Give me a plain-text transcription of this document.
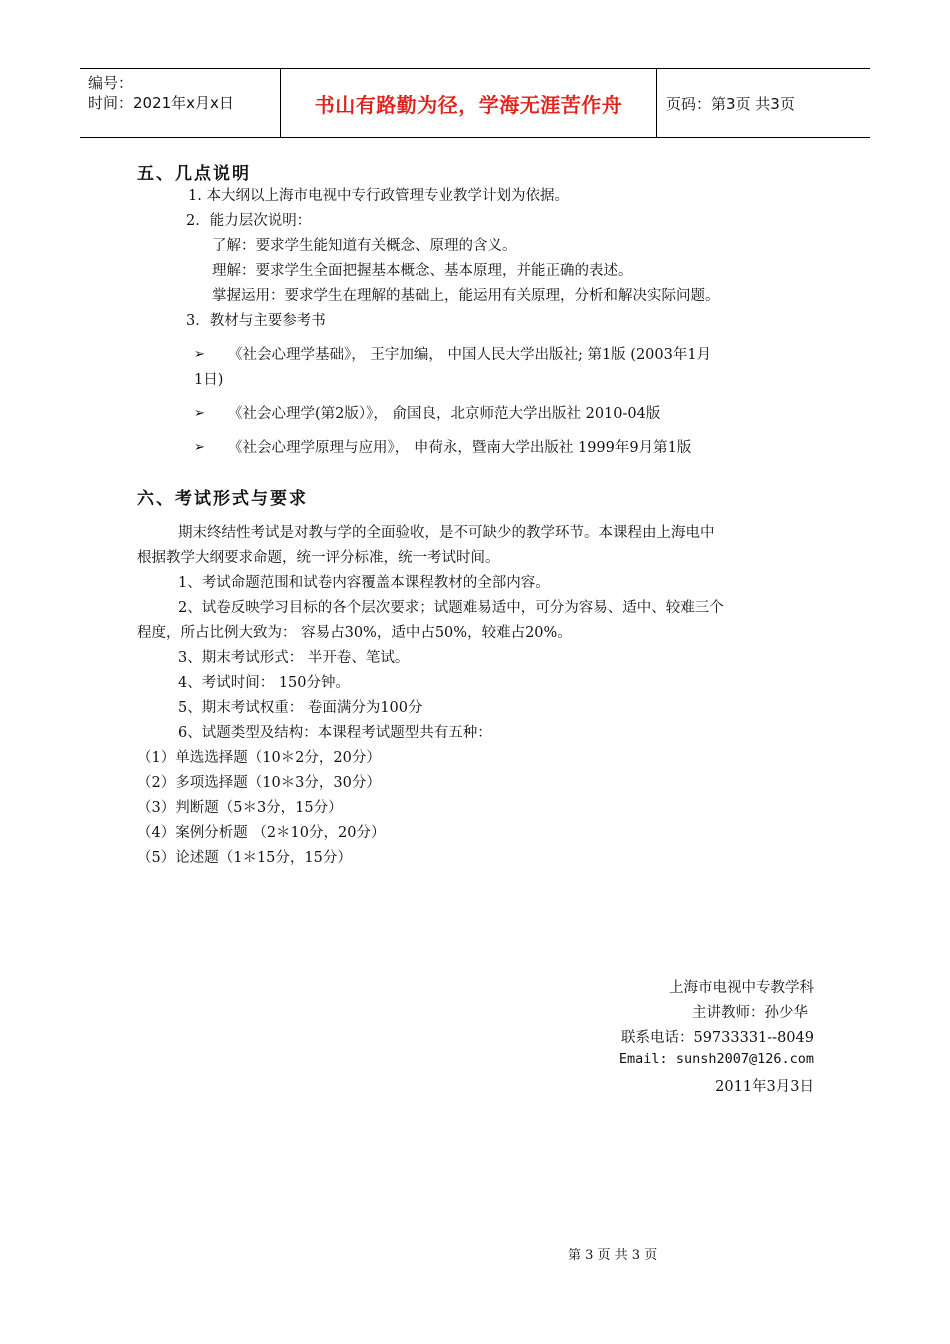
编号：
时间：2021年x月x日	书山有路勤为径，学海无涯苦作舟	页码：第3页 共3页
五、几点说明
1. 本大纲以上海市电视中专行政管理专业教学计划为依据。
2．能力层次说明：
了解：要求学生能知道有关概念、原理的含义。
理解：要求学生全面把握基本概念、基本原理，并能正确的表述。
掌握运用：要求学生在理解的基础上，能运用有关原理，分析和解决实际问题。
3．教材与主要参考书
➢ 《社会心理学基础》， 王宇加编， 中国人民大学出版社; 第1版 (2003年1月
1日)
➢ 《社会心理学(第2版）》， 俞国良，北京师范大学出版社 2010-04版
➢ 《社会心理学原理与应用》， 申荷永，暨南大学出版社 1999年9月第1版
六、考试形式与要求
期末终结性考试是对教与学的全面验收，是不可缺少的教学环节。本课程由上海电中
根据教学大纲要求命题，统一评分标准，统一考试时间。
1、考试命题范围和试卷内容覆盖本课程教材的全部内容。
2、试卷反映学习目标的各个层次要求；试题难易适中，可分为容易、适中、较难三个
程度，所占比例大致为： 容易占30%，适中占50%，较难占20%。
3、期末考试形式： 半开卷、笔试。
4、考试时间： 150分钟。
5、期末考试权重： 卷面满分为100分
6、试题类型及结构：本课程考试题型共有五种：
（1）单选选择题（10＊2分，20分）
（2）多项选择题（10＊3分，30分）
（3）判断题（5＊3分，15分）
（4）案例分析题 （2＊10分，20分）
（5）论述题（1＊15分，15分）
上海市电视中专教学科
主讲教师：孙少华
联系电话：59733331--8049
Email: sunsh2007@126.com
2011年3月3日
第 3 页 共 3 页
